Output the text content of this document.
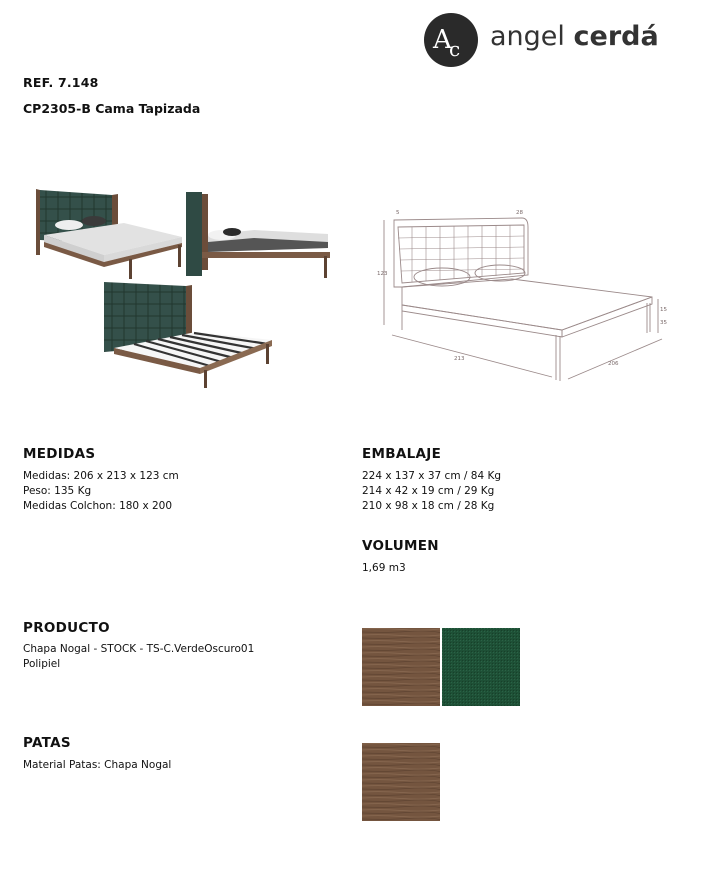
A
c angel cerdá
REF. 7.148
CP2305-B Cama Tapizada
5	28
123
15
35
213
206
MEDIDAS
Medidas: 206 x 213 x 123 cm
Peso: 135 Kg
Medidas Colchon: 180 x 200
EMBALAJE
224 x 137 x 37 cm / 84 Kg
214 x 42 x 19 cm / 29 Kg
210 x 98 x 18 cm / 28 Kg
VOLUMEN
1,69 m3
PRODUCTO
Chapa Nogal - STOCK - TS-C.VerdeOscuro01
Polipiel
PATAS
Material Patas: Chapa Nogal
